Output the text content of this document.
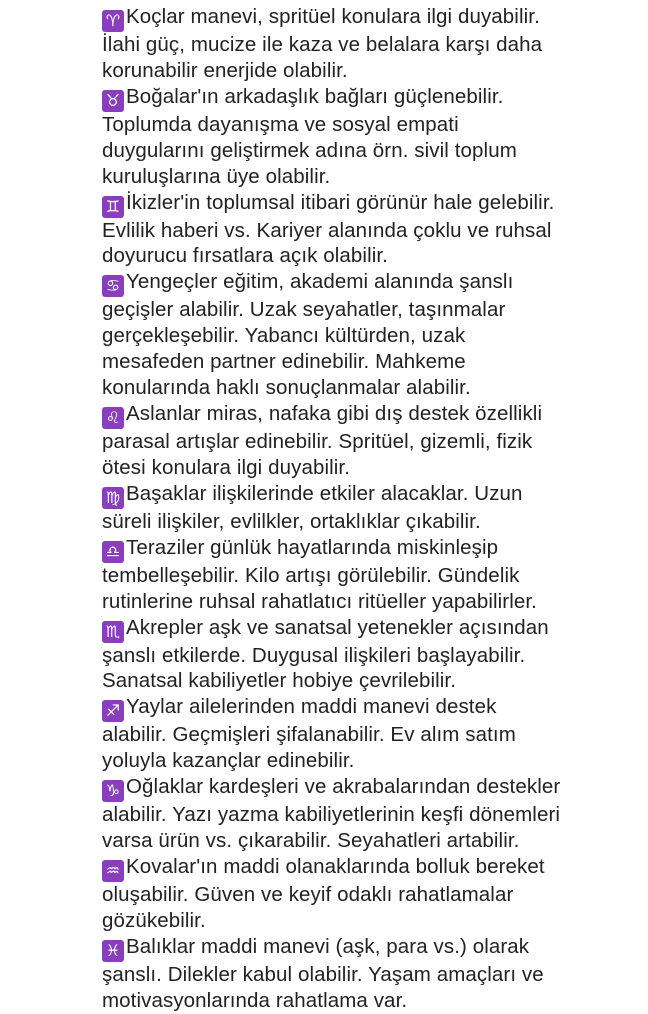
♈ Koçlar manevi, spritüel konulara ilgi duyabilir.
İlahi güç, mucize ile kaza ve belalara karşı daha
korunabilir enerjide olabilir.
♉ Boğalar'ın arkadaşlık bağları güçlenebilir.
Toplumda dayanışma ve sosyal empati
duygularını geliştirmek adına örn. sivil toplum
kuruluşlarına üye olabilir.
♊ İkizler'in toplumsal itibari görünür hale gelebilir.
Evlilik haberi vs. Kariyer alanında çoklu ve ruhsal
doyurucu fırsatlara açık olabilir.
♋ Yengeçler eğitim, akademi alanında şanslı
geçişler alabilir. Uzak seyahatler, taşınmalar
gerçekleşebilir. Yabancı kültürden, uzak
mesafeden partner edinebilir. Mahkeme
konularında haklı sonuçlanmalar alabilir.
♌ Aslanlar miras, nafaka gibi dış destek özellikli
parasal artışlar edinebilir. Spritüel, gizemli, fizik
ötesi konulara ilgi duyabilir.
♍ Başaklar ilişkilerinde etkiler alacaklar. Uzun
süreli ilişkiler, evlilkler, ortaklıklar çıkabilir.
♎ Teraziler günlük hayatlarında miskinleşip
tembelleşebilir. Kilo artışı görülebilir. Gündelik
rutinlerine ruhsal rahatlatıcı ritüeller yapabilirler.
♏ Akrepler aşk ve sanatsal yetenekler açısından
şanslı etkilerde. Duygusal ilişkileri başlayabilir.
Sanatsal kabiliyetler hobiye çevrilebilir.
♐ Yaylar ailelerinden maddi manevi destek
alabilir. Geçmişleri şifalanabilir. Ev alım satım
yoluyla kazançlar edinebilir.
♑ Oğlaklar kardeşleri ve akrabalarından destekler
alabilir. Yazı yazma kabiliyetlerinin keşfi dönemleri
varsa ürün vs. çıkarabilir. Seyahatleri artabilir.
♒ Kovalar'ın maddi olanaklarında bolluk bereket
oluşabilir. Güven ve keyif odaklı rahatlamalar
gözükebilir.
♓ Balıklar maddi manevi (aşk, para vs.) olarak
şanslı. Dilekler kabul olabilir. Yaşam amaçları ve
motivasyonlarında rahatlama var.
